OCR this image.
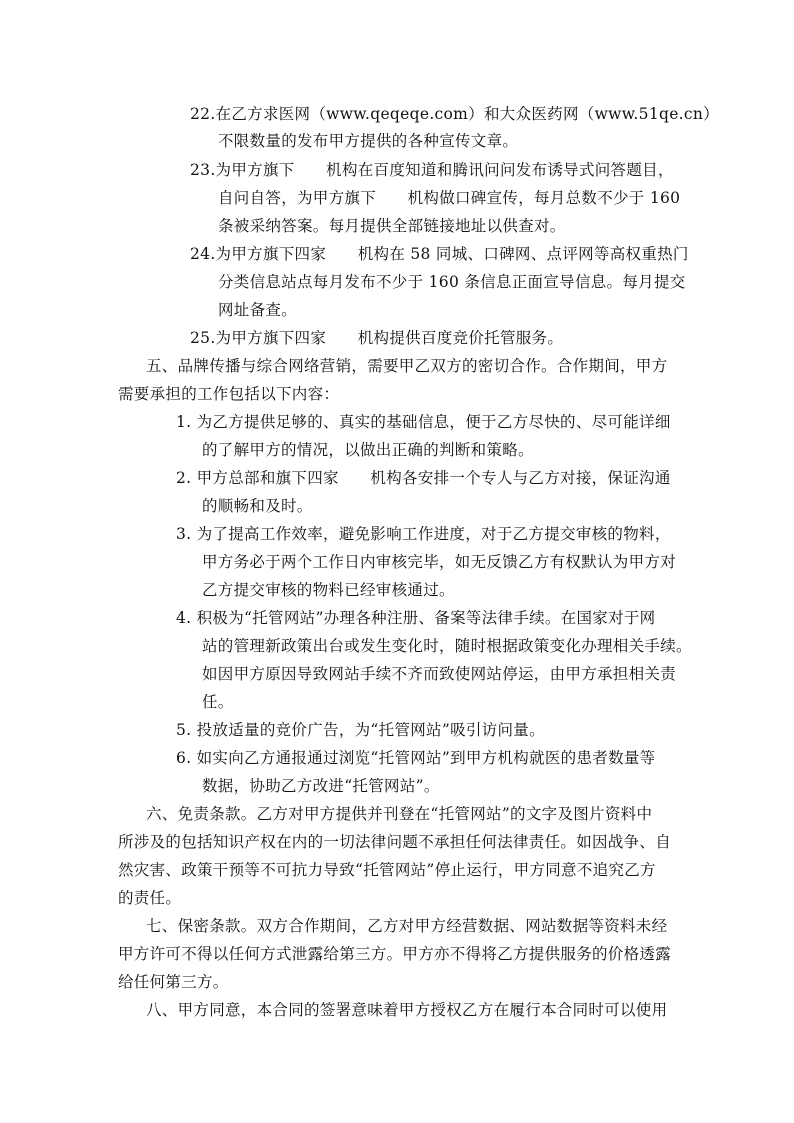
22.在乙方求医网（www.qeqeqe.com）和大众医药网（www.51qe.cn）
不限数量的发布甲方提供的各种宣传文章。
23.为甲方旗下　　机构在百度知道和腾讯问问发布诱导式问答题目，
自问自答，为甲方旗下　　机构做口碑宣传，每月总数不少于 160
条被采纳答案。每月提供全部链接地址以供查对。
24.为甲方旗下四家　　机构在 58 同城、口碑网、点评网等高权重热门
分类信息站点每月发布不少于 160 条信息正面宣导信息。每月提交
网址备查。
25.为甲方旗下四家　　机构提供百度竞价托管服务。
五、品牌传播与综合网络营销，需要甲乙双方的密切合作。合作期间，甲方
需要承担的工作包括以下内容：
1. 为乙方提供足够的、真实的基础信息，便于乙方尽快的、尽可能详细
的了解甲方的情况，以做出正确的判断和策略。
2. 甲方总部和旗下四家　　机构各安排一个专人与乙方对接，保证沟通
的顺畅和及时。
3. 为了提高工作效率，避免影响工作进度，对于乙方提交审核的物料，
甲方务必于两个工作日内审核完毕，如无反馈乙方有权默认为甲方对
乙方提交审核的物料已经审核通过。
4. 积极为“托管网站”办理各种注册、备案等法律手续。在国家对于网
站的管理新政策出台或发生变化时，随时根据政策变化办理相关手续。
如因甲方原因导致网站手续不齐而致使网站停运，由甲方承担相关责
任。
5. 投放适量的竞价广告，为“托管网站”吸引访问量。
6. 如实向乙方通报通过浏览“托管网站”到甲方机构就医的患者数量等
数据，协助乙方改进“托管网站”。
六、免责条款。乙方对甲方提供并刊登在“托管网站”的文字及图片资料中
所涉及的包括知识产权在内的一切法律问题不承担任何法律责任。如因战争、自
然灾害、政策干预等不可抗力导致“托管网站”停止运行，甲方同意不追究乙方
的责任。
七、保密条款。双方合作期间，乙方对甲方经营数据、网站数据等资料未经
甲方许可不得以任何方式泄露给第三方。甲方亦不得将乙方提供服务的价格透露
给任何第三方。
八、甲方同意，本合同的签署意味着甲方授权乙方在履行本合同时可以使用
